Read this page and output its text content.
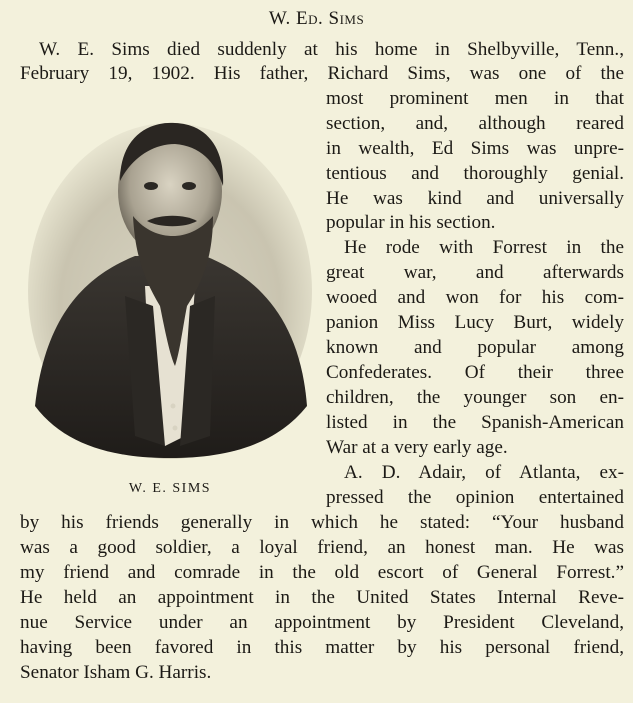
W. Ed. Sims
W. E. Sims died suddenly at his home in Shelbyville, Tenn.,
February 19, 1902. His father, Richard Sims, was one of the
most prominent men in that
section, and, although reared
in wealth, Ed Sims was unpre-
tentious and thoroughly genial.
He was kind and universally
popular in his section.
He rode with Forrest in the
great war, and afterwards
wooed and won for his com-
panion Miss Lucy Burt, widely
known and popular among
Confederates. Of their three
children, the younger son en-
listed in the Spanish-American
War at a very early age.
A. D. Adair, of Atlanta, ex-
pressed the opinion entertained
by his friends generally in which he stated: “Your husband
was a good soldier, a loyal friend, an honest man. He was
my friend and comrade in the old escort of General Forrest.”
He held an appointment in the United States Internal Reve-
nue Service under an appointment by President Cleveland,
having been favored in this matter by his personal friend,
Senator Isham G. Harris.
W. E. SIMS
